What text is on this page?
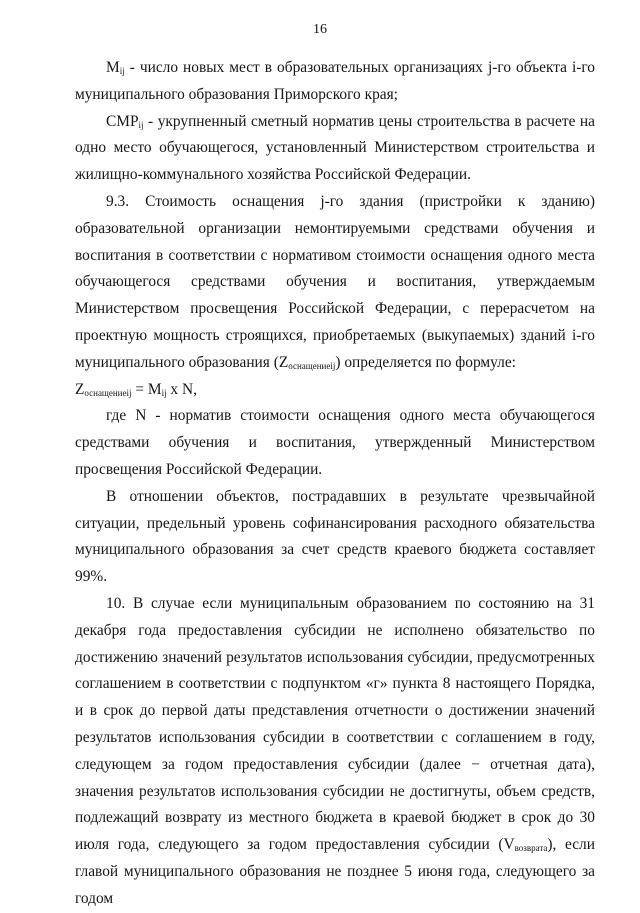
16

$M_{ij}$ - число новых мест в образовательных организациях j-го объекта i-го муниципального образования Приморского края;

$СМР_{ij}$ - укрупненный сметный норматив цены строительства в расчете на одно место обучающегося, установленный Министерством строительства и жилищно-коммунального хозяйства Российской Федерации.

9.3. Стоимость оснащения j-го здания (пристройки к зданию) образовательной организации немонтируемыми средствами обучения и воспитания в соответствии с нормативом стоимости оснащения одного места обучающегося средствами обучения и воспитания, утверждаемым Министерством просвещения Российской Федерации, с перерасчетом на проектную мощность строящихся, приобретаемых (выкупаемых) зданий i-го муниципального образования $(Z_{оснащениеij})$ определяется по формуле:

$Z_{оснащениеij} = M_{ij}$ x N,

где N - норматив стоимости оснащения одного места обучающегося средствами обучения и воспитания, утвержденный Министерством просвещения Российской Федерации.

В отношении объектов, пострадавших в результате чрезвычайной ситуации, предельный уровень софинансирования расходного обязательства муниципального образования за счет средств краевого бюджета составляет 99%.

10. В случае если муниципальным образованием по состоянию на 31 декабря года предоставления субсидии не исполнено обязательство по достижению значений результатов использования субсидии, предусмотренных соглашением в соответствии с подпунктом «г» пункта 8 настоящего Порядка, и в срок до первой даты представления отчетности о достижении значений результатов использования субсидии в соответствии с соглашением в году, следующем за годом предоставления субсидии (далее − отчетная дата), значения результатов использования субсидии не достигнуты, объем средств, подлежащий возврату из местного бюджета в краевой бюджет в срок до 30 июля года, следующего за годом предоставления субсидии $(V_{возврата})$, если главой муниципального образования не позднее 5 июня года, следующего за годом
